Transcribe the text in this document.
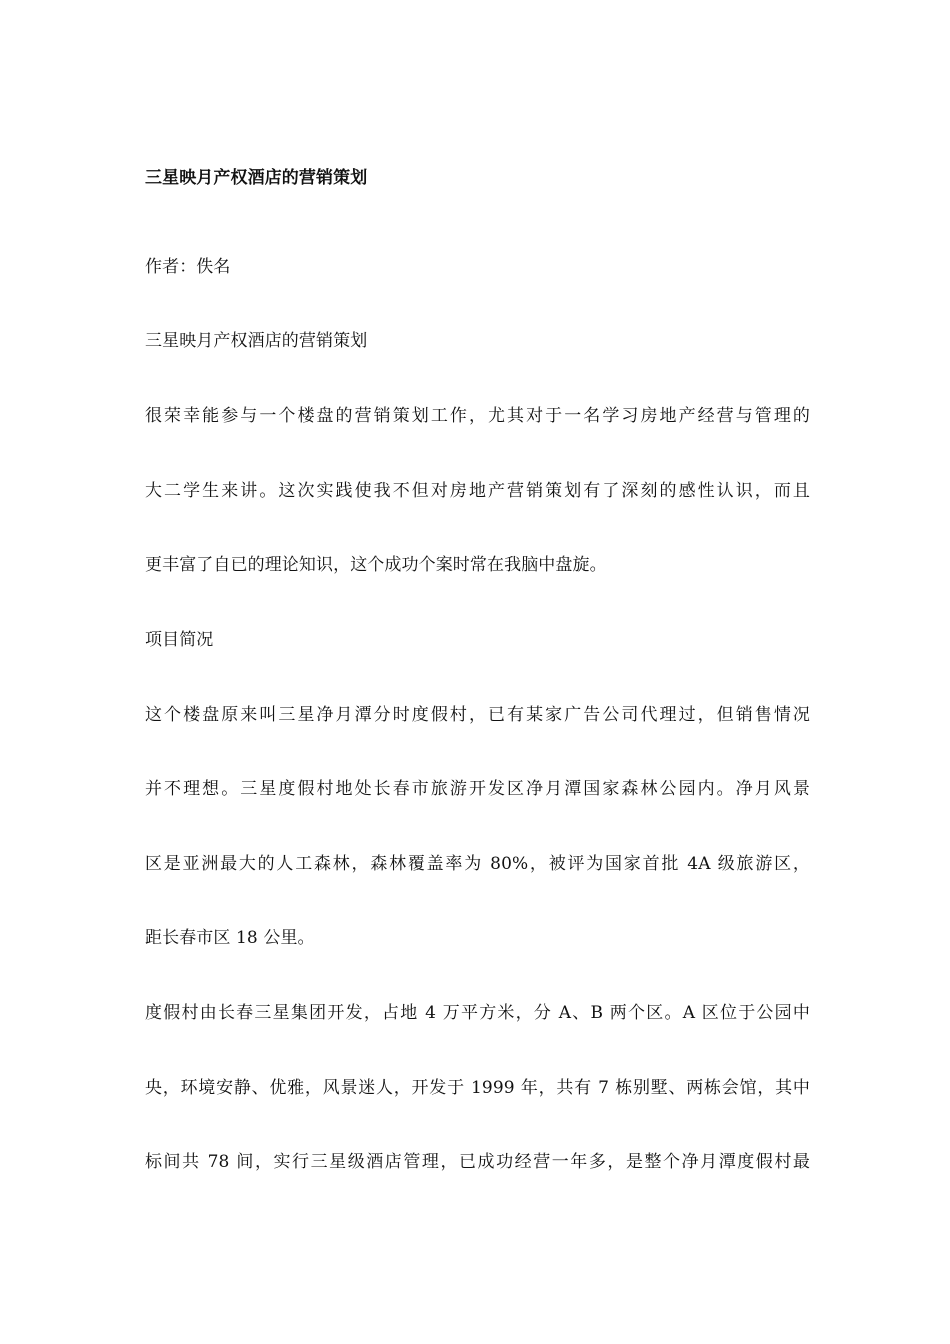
三星映月产权酒店的营销策划
作者：佚名
三星映月产权酒店的营销策划
很荣幸能参与一个楼盘的营销策划工作，尤其对于一名学习房地产经营与管理的
大二学生来讲。这次实践使我不但对房地产营销策划有了深刻的感性认识，而且
更丰富了自已的理论知识，这个成功个案时常在我脑中盘旋。
项目简况
这个楼盘原来叫三星净月潭分时度假村，已有某家广告公司代理过，但销售情况
并不理想。三星度假村地处长春市旅游开发区净月潭国家森林公园内。净月风景
区是亚洲最大的人工森林，森林覆盖率为 80%，被评为国家首批 4A 级旅游区，
距长春市区 18 公里。
度假村由长春三星集团开发，占地 4 万平方米，分 A、B 两个区。A 区位于公园中
央，环境安静、优雅，风景迷人，开发于 1999 年，共有 7 栋别墅、两栋会馆，其中
标间共 78 间，实行三星级酒店管理，已成功经营一年多，是整个净月潭度假村最
